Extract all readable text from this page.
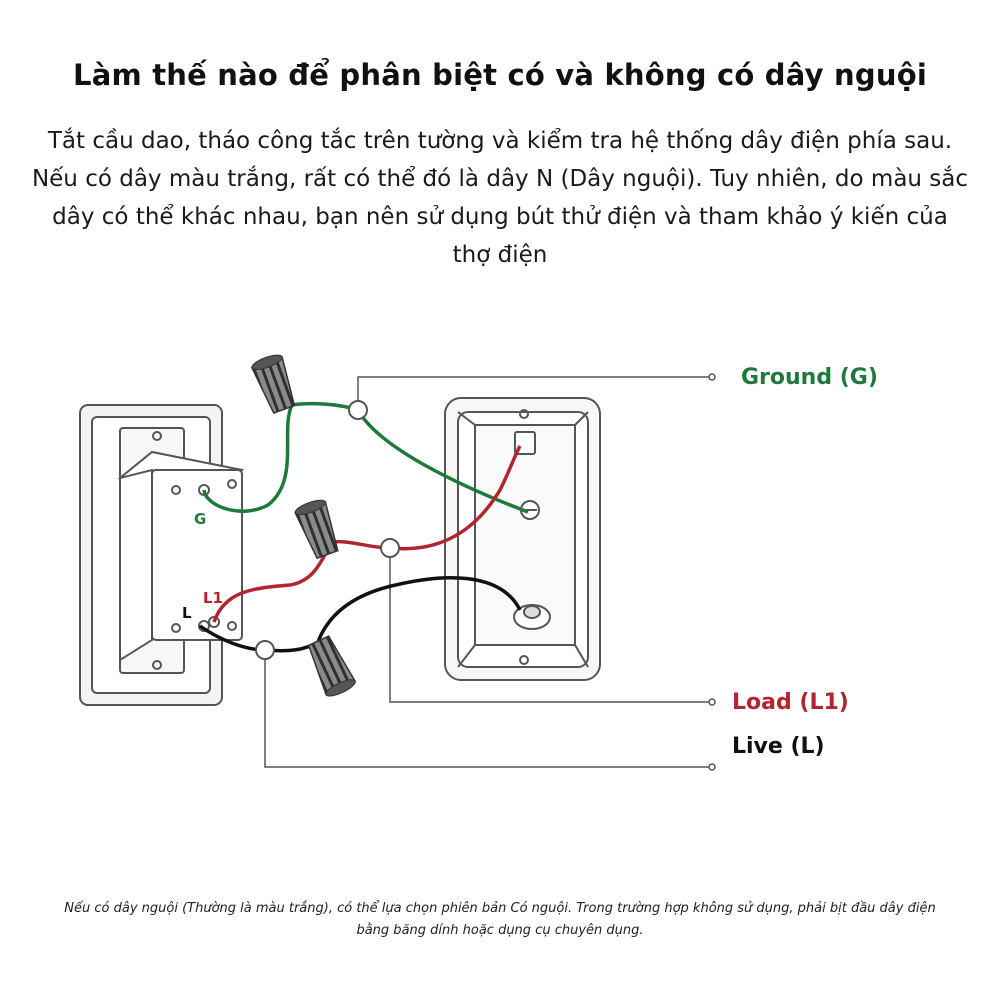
Làm thế nào để phân biệt có và không có dây nguội
Tắt cầu dao, tháo công tắc trên tường và kiểm tra hệ thống dây điện phía sau. Nếu có dây màu trắng, rất có thể đó là dây N (Dây nguội). Tuy nhiên, do màu sắc dây có thể khác nhau, bạn nên sử dụng bút thử điện và tham khảo ý kiến của thợ điện
G
L1
L
Ground (G)
Load (L1)
Live (L)
Nếu có dây nguội (Thường là màu trắng), có thể lựa chọn phiên bản Có nguội. Trong trường hợp không sử dụng, phải bịt đầu dây điện bằng băng dính hoặc dụng cụ chuyên dụng.
